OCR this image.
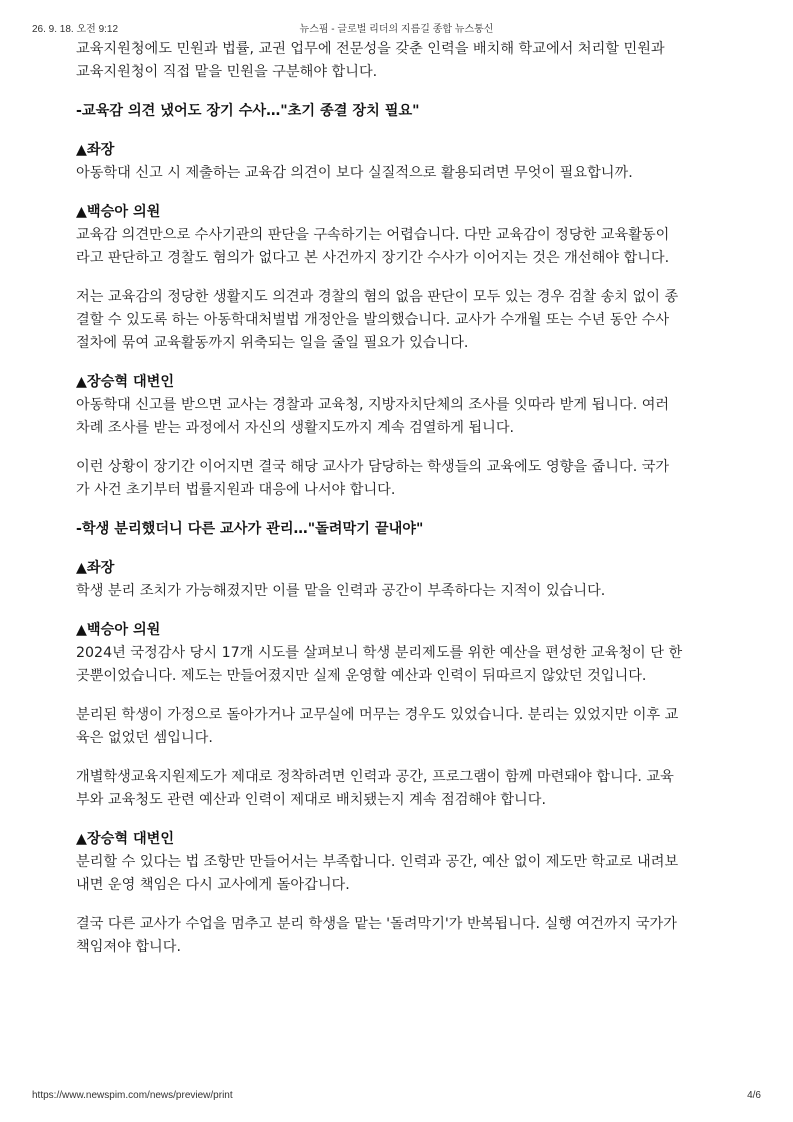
26. 9. 18. 오전 9:12	뉴스핌 - 글로벌 리더의 지름길 종합 뉴스통신

교육지원청에도 민원과 법률, 교권 업무에 전문성을 갖춘 인력을 배치해 학교에서 처리할 민원과
교육지원청이 직접 맡을 민원을 구분해야 합니다.

-교육감 의견 냈어도 장기 수사…"초기 종결 장치 필요"

▲좌장

아동학대 신고 시 제출하는 교육감 의견이 보다 실질적으로 활용되려면 무엇이 필요합니까.

▲백승아 의원

교육감 의견만으로 수사기관의 판단을 구속하기는 어렵습니다. 다만 교육감이 정당한 교육활동이
라고 판단하고 경찰도 혐의가 없다고 본 사건까지 장기간 수사가 이어지는 것은 개선해야 합니다.

저는 교육감의 정당한 생활지도 의견과 경찰의 혐의 없음 판단이 모두 있는 경우 검찰 송치 없이 종
결할 수 있도록 하는 아동학대처벌법 개정안을 발의했습니다. 교사가 수개월 또는 수년 동안 수사
절차에 묶여 교육활동까지 위축되는 일을 줄일 필요가 있습니다.

▲장승혁 대변인

아동학대 신고를 받으면 교사는 경찰과 교육청, 지방자치단체의 조사를 잇따라 받게 됩니다. 여러
차례 조사를 받는 과정에서 자신의 생활지도까지 계속 검열하게 됩니다.

이런 상황이 장기간 이어지면 결국 해당 교사가 담당하는 학생들의 교육에도 영향을 줍니다. 국가
가 사건 초기부터 법률지원과 대응에 나서야 합니다.

-학생 분리했더니 다른 교사가 관리…"돌려막기 끝내야"

▲좌장

학생 분리 조치가 가능해졌지만 이를 맡을 인력과 공간이 부족하다는 지적이 있습니다.

▲백승아 의원

2024년 국정감사 당시 17개 시도를 살펴보니 학생 분리제도를 위한 예산을 편성한 교육청이 단 한
곳뿐이었습니다. 제도는 만들어졌지만 실제 운영할 예산과 인력이 뒤따르지 않았던 것입니다.

분리된 학생이 가정으로 돌아가거나 교무실에 머무는 경우도 있었습니다. 분리는 있었지만 이후 교
육은 없었던 셈입니다.

개별학생교육지원제도가 제대로 정착하려면 인력과 공간, 프로그램이 함께 마련돼야 합니다. 교육
부와 교육청도 관련 예산과 인력이 제대로 배치됐는지 계속 점검해야 합니다.

▲장승혁 대변인

분리할 수 있다는 법 조항만 만들어서는 부족합니다. 인력과 공간, 예산 없이 제도만 학교로 내려보
내면 운영 책임은 다시 교사에게 돌아갑니다.

결국 다른 교사가 수업을 멈추고 분리 학생을 맡는 '돌려막기'가 반복됩니다. 실행 여건까지 국가가
책임져야 합니다.

https://www.newspim.com/news/preview/print	4/6
